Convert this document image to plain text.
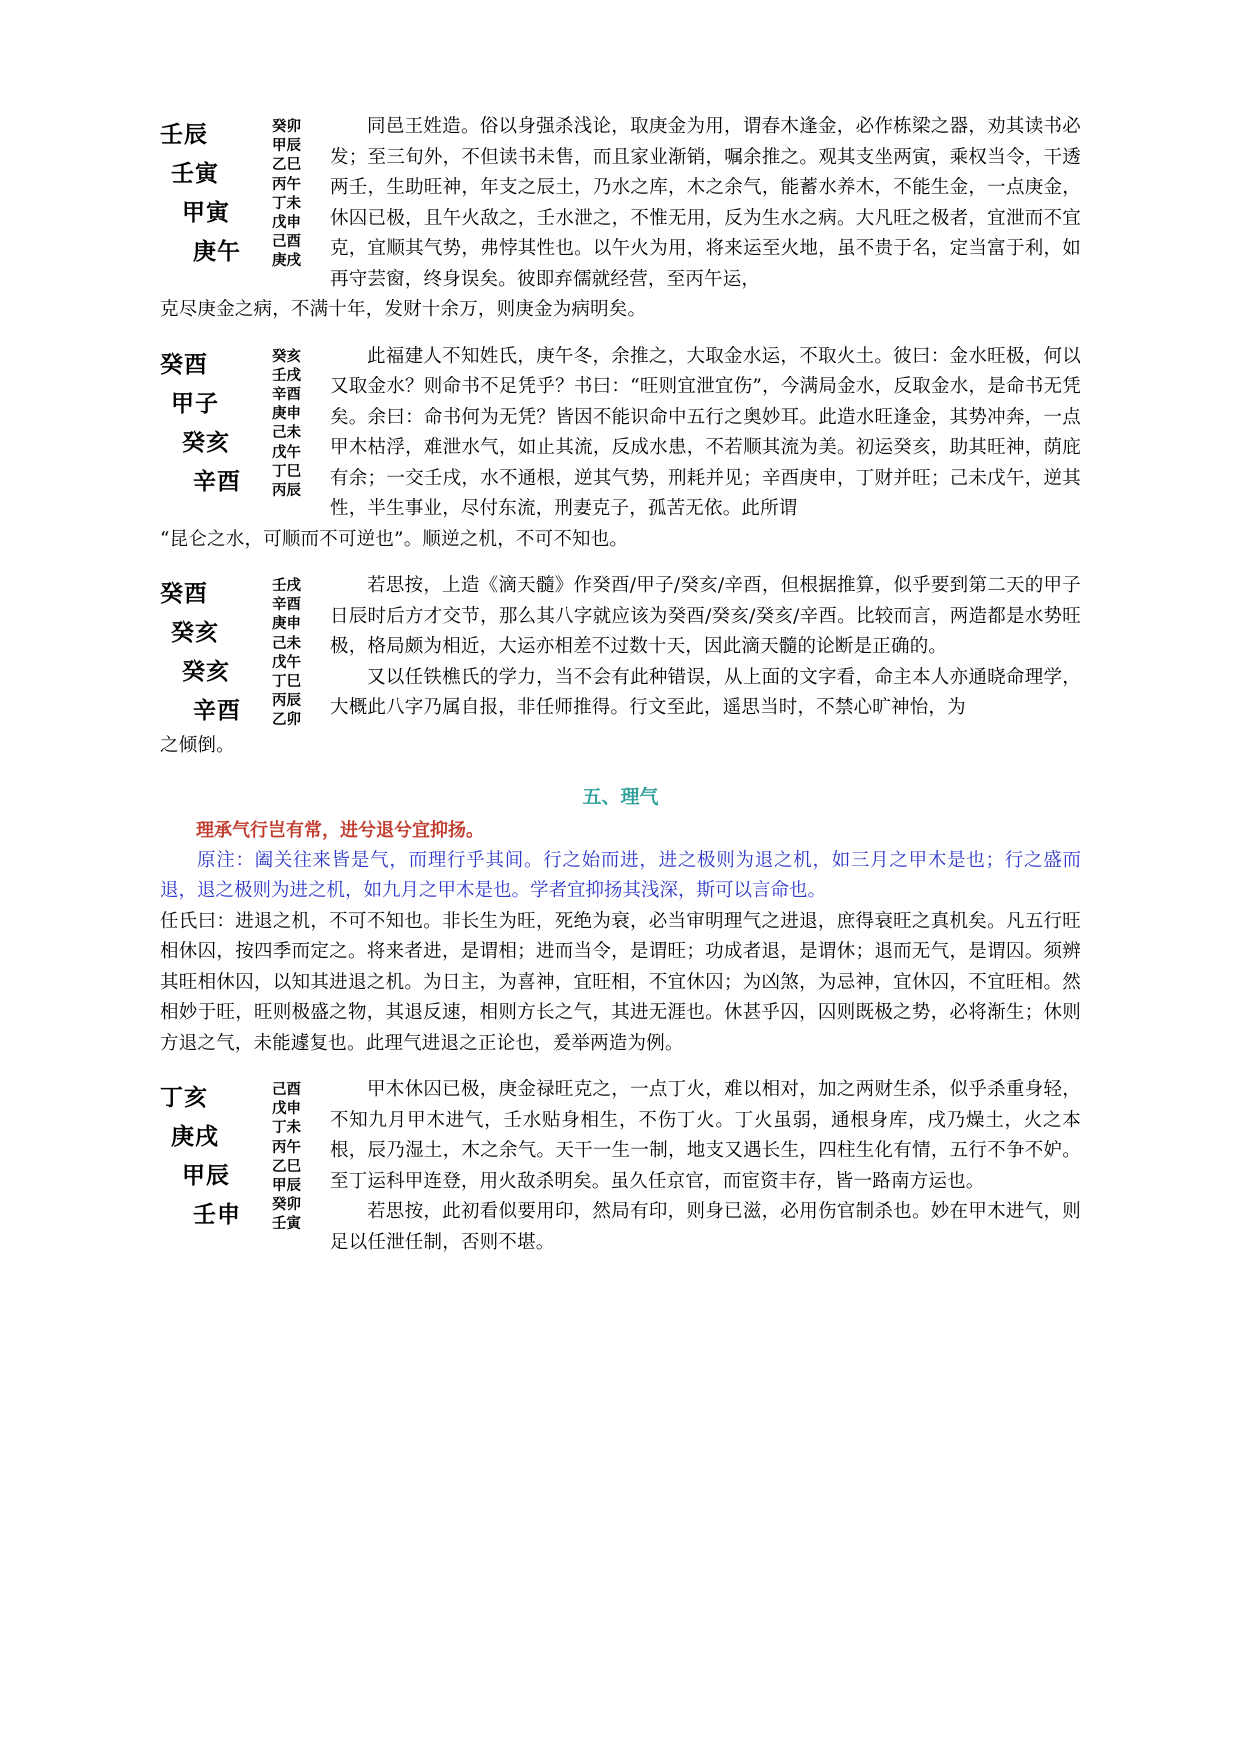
壬辰
壬寅
甲寅
庚午
癸
甲
乙
丙
丁
戊
己
庚
卯
辰
巳
午
未
申
酉
戌

同邑王姓造。俗以身强杀浅论，取庚金为用，谓春木逢金，必作栋梁之器，劝其读书必发；至三旬外，不但读书未售，而且家业渐销，嘱余推之。观其支坐两寅，乘权当令，干透两壬，生助旺神，年支之辰土，乃水之库，木之余气，能蓄水养木，不能生金，一点庚金，休囚已极，且午火敌之，壬水泄之，不惟无用，反为生水之病。大凡旺之极者，宜泄而不宜克，宜顺其气势，弗悖其性也。以午火为用，将来运至火地，虽不贵于名，定当富于利，如再守芸窗，终身误矣。彼即弃儒就经营，至丙午运，

克尽庚金之病，不满十年，发财十余万，则庚金为病明矣。

癸酉
甲子
癸亥
辛酉
癸
壬
辛
庚
己
戊
丁
丙
亥
戌
酉
申
未
午
巳
辰

此福建人不知姓氏，庚午冬，余推之，大取金水运，不取火土。彼曰：金水旺极，何以又取金水？则命书不足凭乎？书曰：“旺则宜泄宜伤”，今满局金水，反取金水，是命书无凭矣。余曰：命书何为无凭？皆因不能识命中五行之奥妙耳。此造水旺逢金，其势冲奔，一点甲木枯浮，难泄水气，如止其流，反成水患，不若顺其流为美。初运癸亥，助其旺神，荫庇有余；一交壬戌，水不通根，逆其气势，刑耗并见；辛酉庚申，丁财并旺；己未戊午，逆其性，半生事业，尽付东流，刑妻克子，孤苦无依。此所谓

“昆仑之水，可顺而不可逆也”。顺逆之机，不可不知也。

癸酉
癸亥
癸亥
辛酉
壬
辛
庚
己
戊
丁
丙
乙
戌
酉
申
未
午
巳
辰
卯

若思按，上造《滴天髓》作癸酉/甲子/癸亥/辛酉，但根据推算，似乎要到第二天的甲子日辰时后方才交节，那么其八字就应该为癸酉/癸亥/癸亥/辛酉。比较而言，两造都是水势旺极，格局颇为相近，大运亦相差不过数十天，因此滴天髓的论断是正确的。

又以任铁樵氏的学力，当不会有此种错误，从上面的文字看，命主本人亦通晓命理学，大概此八字乃属自报，非任师推得。行文至此，遥思当时，不禁心旷神怡，为

之倾倒。

五、理气

理承气行岂有常，进兮退兮宜抑扬。

原注：阖关往来皆是气，而理行乎其间。行之始而进，进之极则为退之机，如三月之甲木是也；行之盛而退，退之极则为进之机，如九月之甲木是也。学者宜抑扬其浅深，斯可以言命也。

任氏曰：进退之机，不可不知也。非长生为旺，死绝为衰，必当审明理气之进退，庶得衰旺之真机矣。凡五行旺相休囚，按四季而定之。将来者进，是谓相；进而当令，是谓旺；功成者退，是谓休；退而无气，是谓囚。须辨其旺相休囚，以知其进退之机。为日主，为喜神，宜旺相，不宜休囚；为凶煞，为忌神，宜休囚，不宜旺相。然相妙于旺，旺则极盛之物，其退反速，相则方长之气，其进无涯也。休甚乎囚，囚则既极之势，必将渐生；休则方退之气，未能遽复也。此理气进退之正论也，爰举两造为例。

丁亥
庚戌
甲辰
壬申
己
戊
丁
丙
乙
甲
癸
壬
酉
申
未
午
巳
辰
卯
寅

甲木休囚已极，庚金禄旺克之，一点丁火，难以相对，加之两财生杀，似乎杀重身轻，不知九月甲木进气，壬水贴身相生，不伤丁火。丁火虽弱，通根身库，戌乃燥土，火之本根，辰乃湿土，木之余气。天干一生一制，地支又遇长生，四柱生化有情，五行不争不妒。至丁运科甲连登，用火敌杀明矣。虽久任京官，而宦资丰存，皆一路南方运也。

若思按，此初看似要用印，然局有印，则身已滋，必用伤官制杀也。妙在甲木进气，则足以任泄任制，否则不堪。
